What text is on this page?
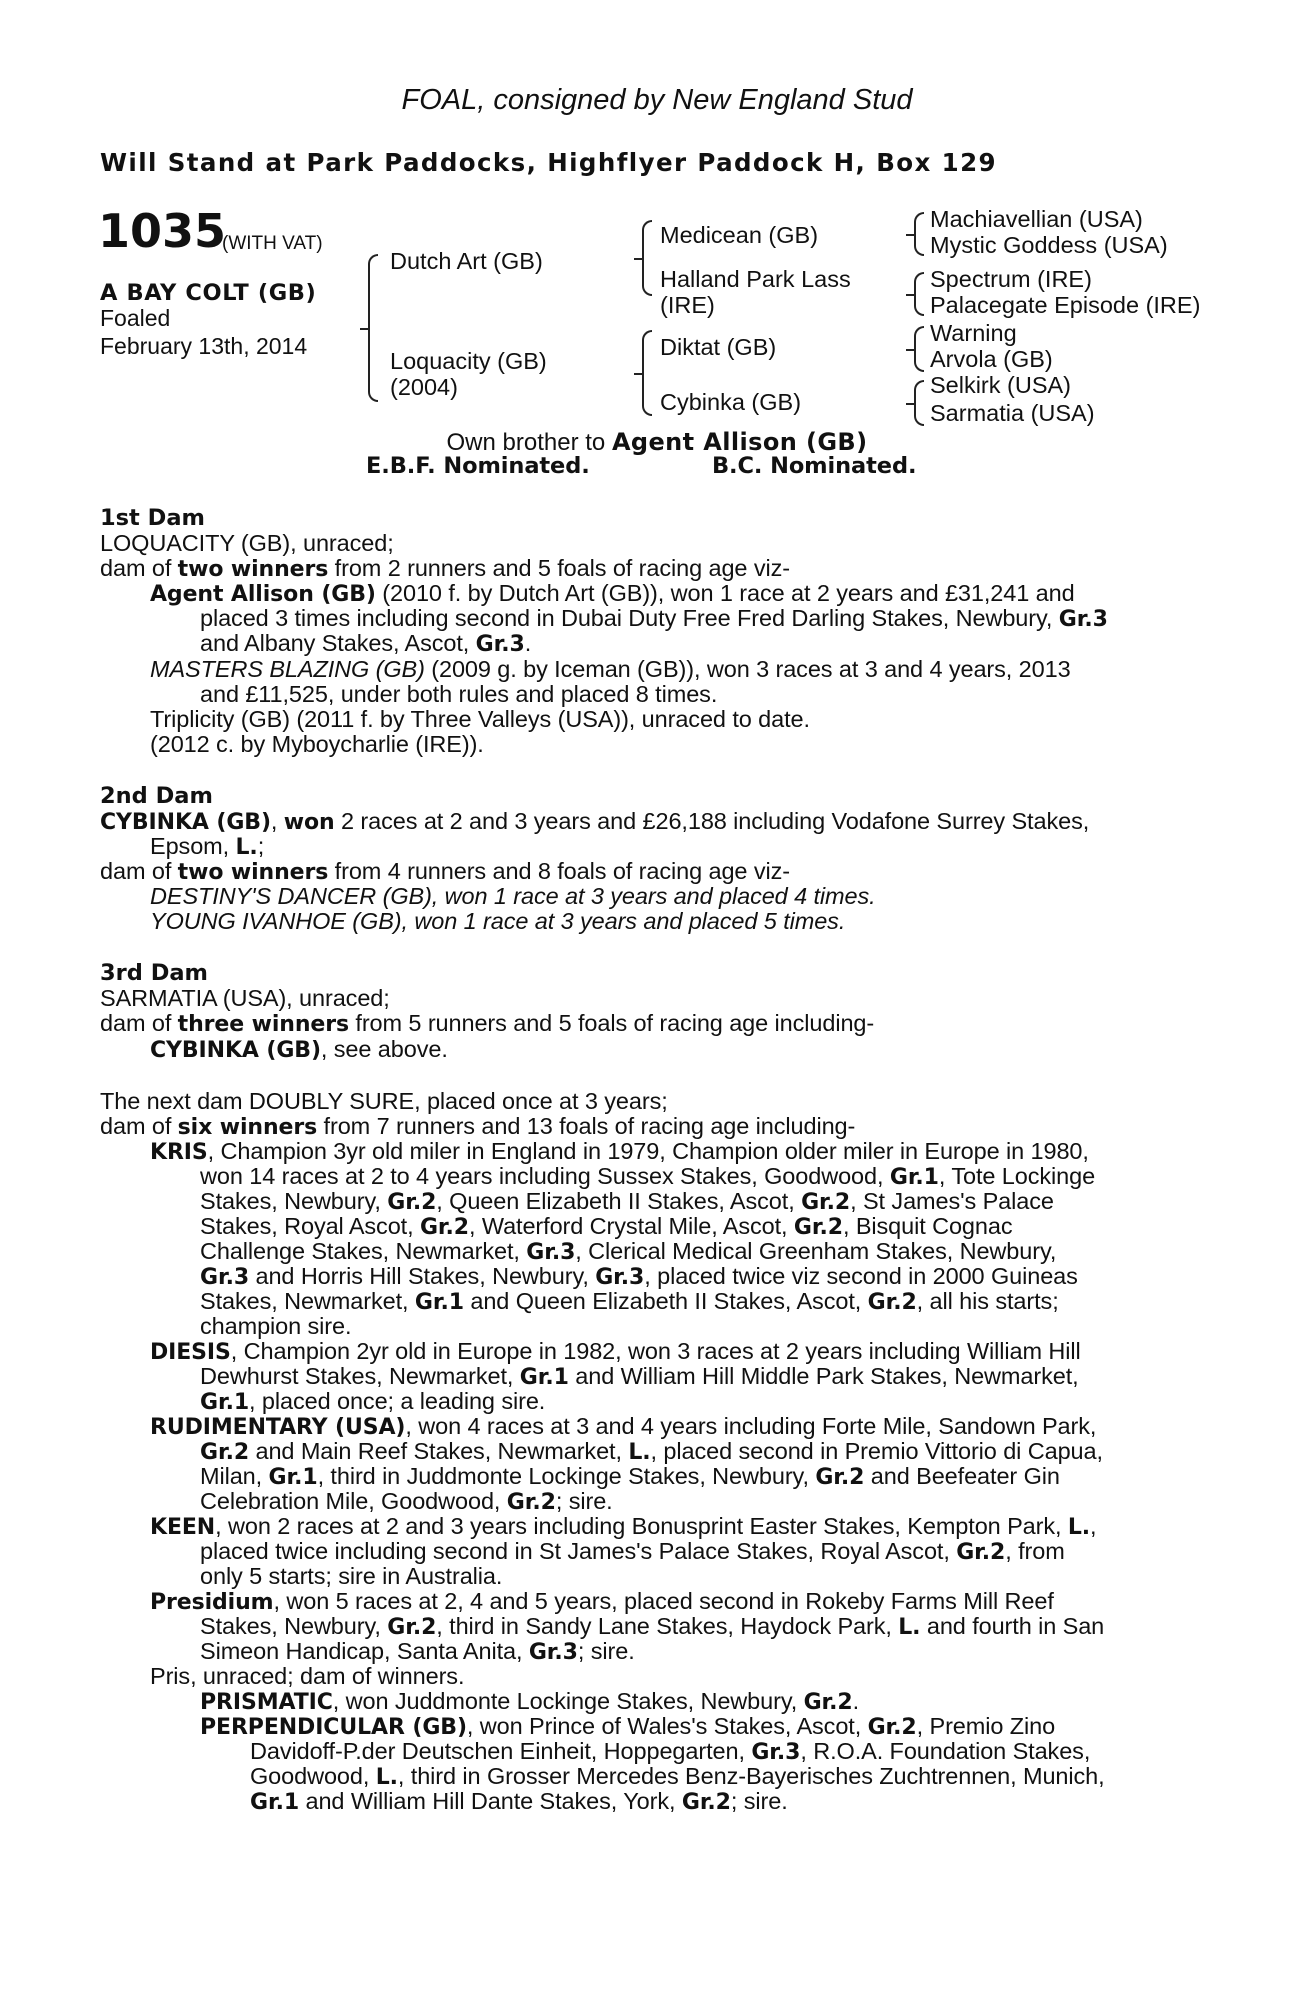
FOAL, consigned by New England Stud
Will Stand at Park Paddocks, Highflyer Paddock H, Box 129
1035
(WITH VAT)
A BAY COLT (GB)
Foaled
February 13th, 2014
Dutch Art (GB)
Loquacity (GB)
(2004)
Medicean (GB)
Halland Park Lass
(IRE)
Diktat (GB)
Cybinka (GB)
Machiavellian (USA)
Mystic Goddess (USA)
Spectrum (IRE)
Palacegate Episode (IRE)
Warning
Arvola (GB)
Selkirk (USA)
Sarmatia (USA)
Own brother to Agent Allison (GB)
E.B.F. Nominated.	B.C. Nominated.
1st Dam
LOQUACITY (GB), unraced;
dam of two winners from 2 runners and 5 foals of racing age viz-
Agent Allison (GB) (2010 f. by Dutch Art (GB)), won 1 race at 2 years and £31,241 and
placed 3 times including second in Dubai Duty Free Fred Darling Stakes, Newbury, Gr.3
and Albany Stakes, Ascot, Gr.3.
MASTERS BLAZING (GB) (2009 g. by Iceman (GB)), won 3 races at 3 and 4 years, 2013
and £11,525, under both rules and placed 8 times.
Triplicity (GB) (2011 f. by Three Valleys (USA)), unraced to date.
(2012 c. by Myboycharlie (IRE)).
2nd Dam
CYBINKA (GB), won 2 races at 2 and 3 years and £26,188 including Vodafone Surrey Stakes,
Epsom, L.;
dam of two winners from 4 runners and 8 foals of racing age viz-
DESTINY'S DANCER (GB), won 1 race at 3 years and placed 4 times.
YOUNG IVANHOE (GB), won 1 race at 3 years and placed 5 times.
3rd Dam
SARMATIA (USA), unraced;
dam of three winners from 5 runners and 5 foals of racing age including-
CYBINKA (GB), see above.
The next dam DOUBLY SURE, placed once at 3 years;
dam of six winners from 7 runners and 13 foals of racing age including-
KRIS, Champion 3yr old miler in England in 1979, Champion older miler in Europe in 1980,
won 14 races at 2 to 4 years including Sussex Stakes, Goodwood, Gr.1, Tote Lockinge
Stakes, Newbury, Gr.2, Queen Elizabeth II Stakes, Ascot, Gr.2, St James's Palace
Stakes, Royal Ascot, Gr.2, Waterford Crystal Mile, Ascot, Gr.2, Bisquit Cognac
Challenge Stakes, Newmarket, Gr.3, Clerical Medical Greenham Stakes, Newbury,
Gr.3 and Horris Hill Stakes, Newbury, Gr.3, placed twice viz second in 2000 Guineas
Stakes, Newmarket, Gr.1 and Queen Elizabeth II Stakes, Ascot, Gr.2, all his starts;
champion sire.
DIESIS, Champion 2yr old in Europe in 1982, won 3 races at 2 years including William Hill
Dewhurst Stakes, Newmarket, Gr.1 and William Hill Middle Park Stakes, Newmarket,
Gr.1, placed once; a leading sire.
RUDIMENTARY (USA), won 4 races at 3 and 4 years including Forte Mile, Sandown Park,
Gr.2 and Main Reef Stakes, Newmarket, L., placed second in Premio Vittorio di Capua,
Milan, Gr.1, third in Juddmonte Lockinge Stakes, Newbury, Gr.2 and Beefeater Gin
Celebration Mile, Goodwood, Gr.2; sire.
KEEN, won 2 races at 2 and 3 years including Bonusprint Easter Stakes, Kempton Park, L.,
placed twice including second in St James's Palace Stakes, Royal Ascot, Gr.2, from
only 5 starts; sire in Australia.
Presidium, won 5 races at 2, 4 and 5 years, placed second in Rokeby Farms Mill Reef
Stakes, Newbury, Gr.2, third in Sandy Lane Stakes, Haydock Park, L. and fourth in San
Simeon Handicap, Santa Anita, Gr.3; sire.
Pris, unraced; dam of winners.
PRISMATIC, won Juddmonte Lockinge Stakes, Newbury, Gr.2.
PERPENDICULAR (GB), won Prince of Wales's Stakes, Ascot, Gr.2, Premio Zino
Davidoff-P.der Deutschen Einheit, Hoppegarten, Gr.3, R.O.A. Foundation Stakes,
Goodwood, L., third in Grosser Mercedes Benz-Bayerisches Zuchtrennen, Munich,
Gr.1 and William Hill Dante Stakes, York, Gr.2; sire.
